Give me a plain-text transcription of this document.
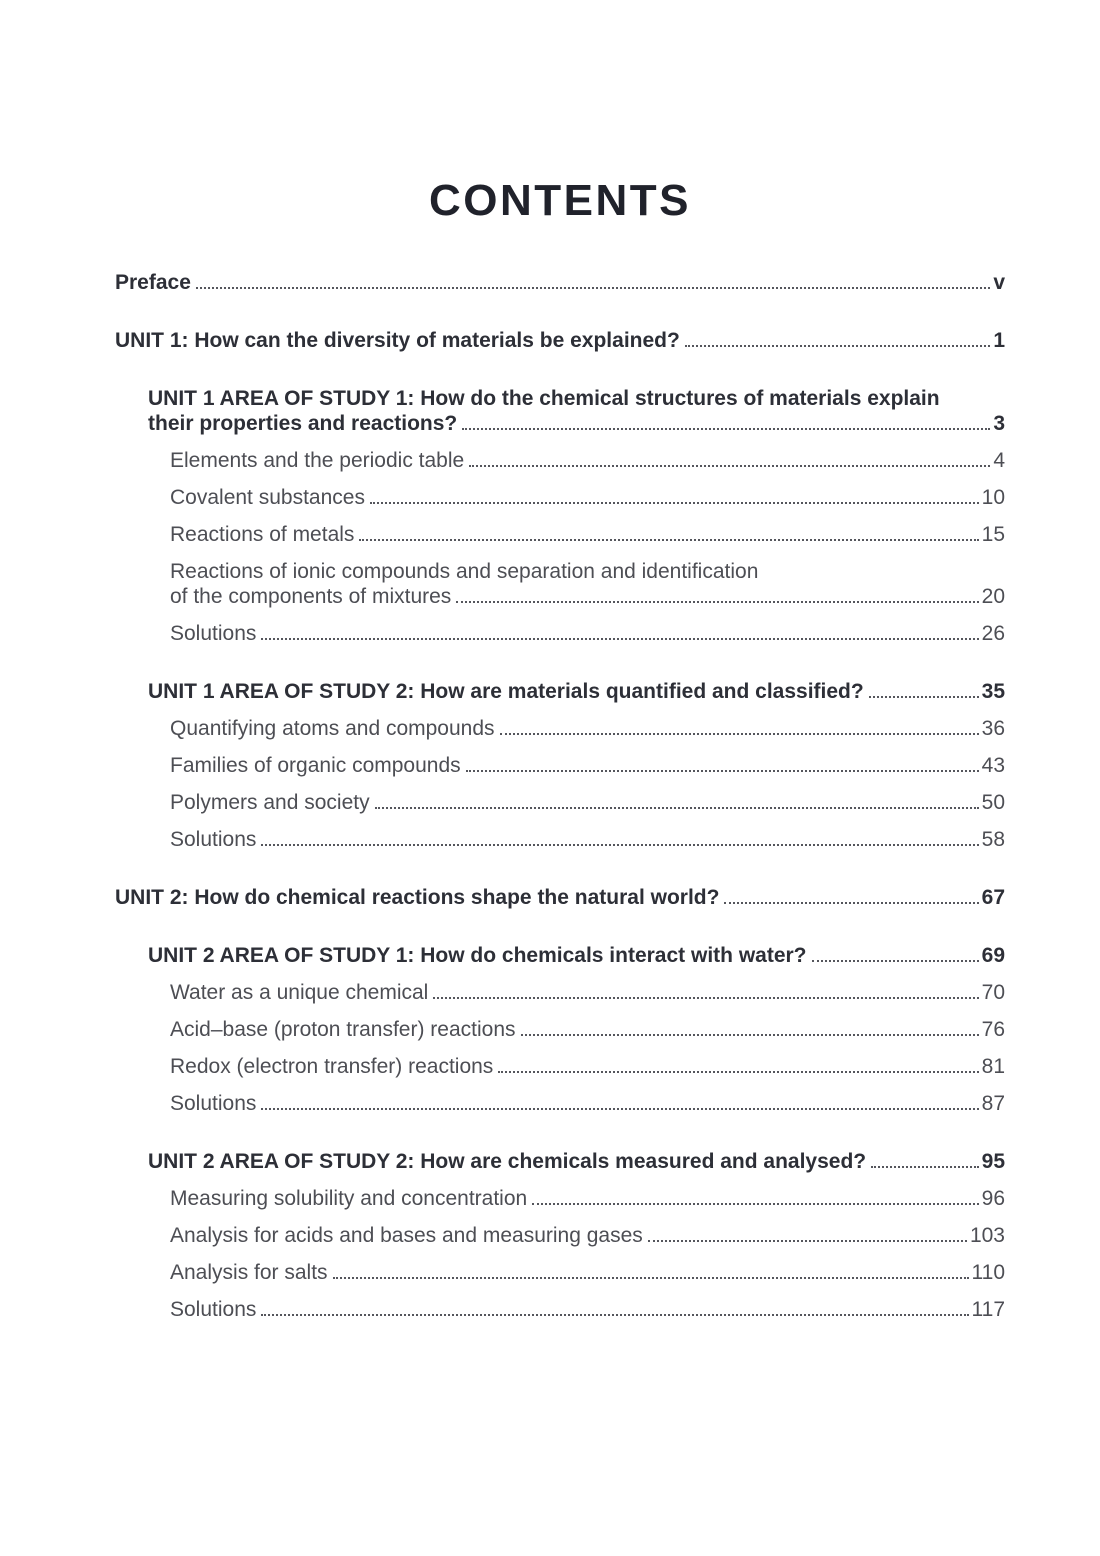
CONTENTS
Preface	v
UNIT 1: How can the diversity of materials be explained?	1
UNIT 1 AREA OF STUDY 1: How do the chemical structures of materials explain
their properties and reactions?	3
Elements and the periodic table	4
Covalent substances	10
Reactions of metals	15
Reactions of ionic compounds and separation and identification
of the components of mixtures	20
Solutions	26
UNIT 1 AREA OF STUDY 2: How are materials quantified and classified?	35
Quantifying atoms and compounds	36
Families of organic compounds	43
Polymers and society	50
Solutions	58
UNIT 2: How do chemical reactions shape the natural world?	67
UNIT 2 AREA OF STUDY 1: How do chemicals interact with water?	69
Water as a unique chemical	70
Acid–base (proton transfer) reactions	76
Redox (electron transfer) reactions	81
Solutions	87
UNIT 2 AREA OF STUDY 2: How are chemicals measured and analysed?	95
Measuring solubility and concentration	96
Analysis for acids and bases and measuring gases	103
Analysis for salts	110
Solutions	117
